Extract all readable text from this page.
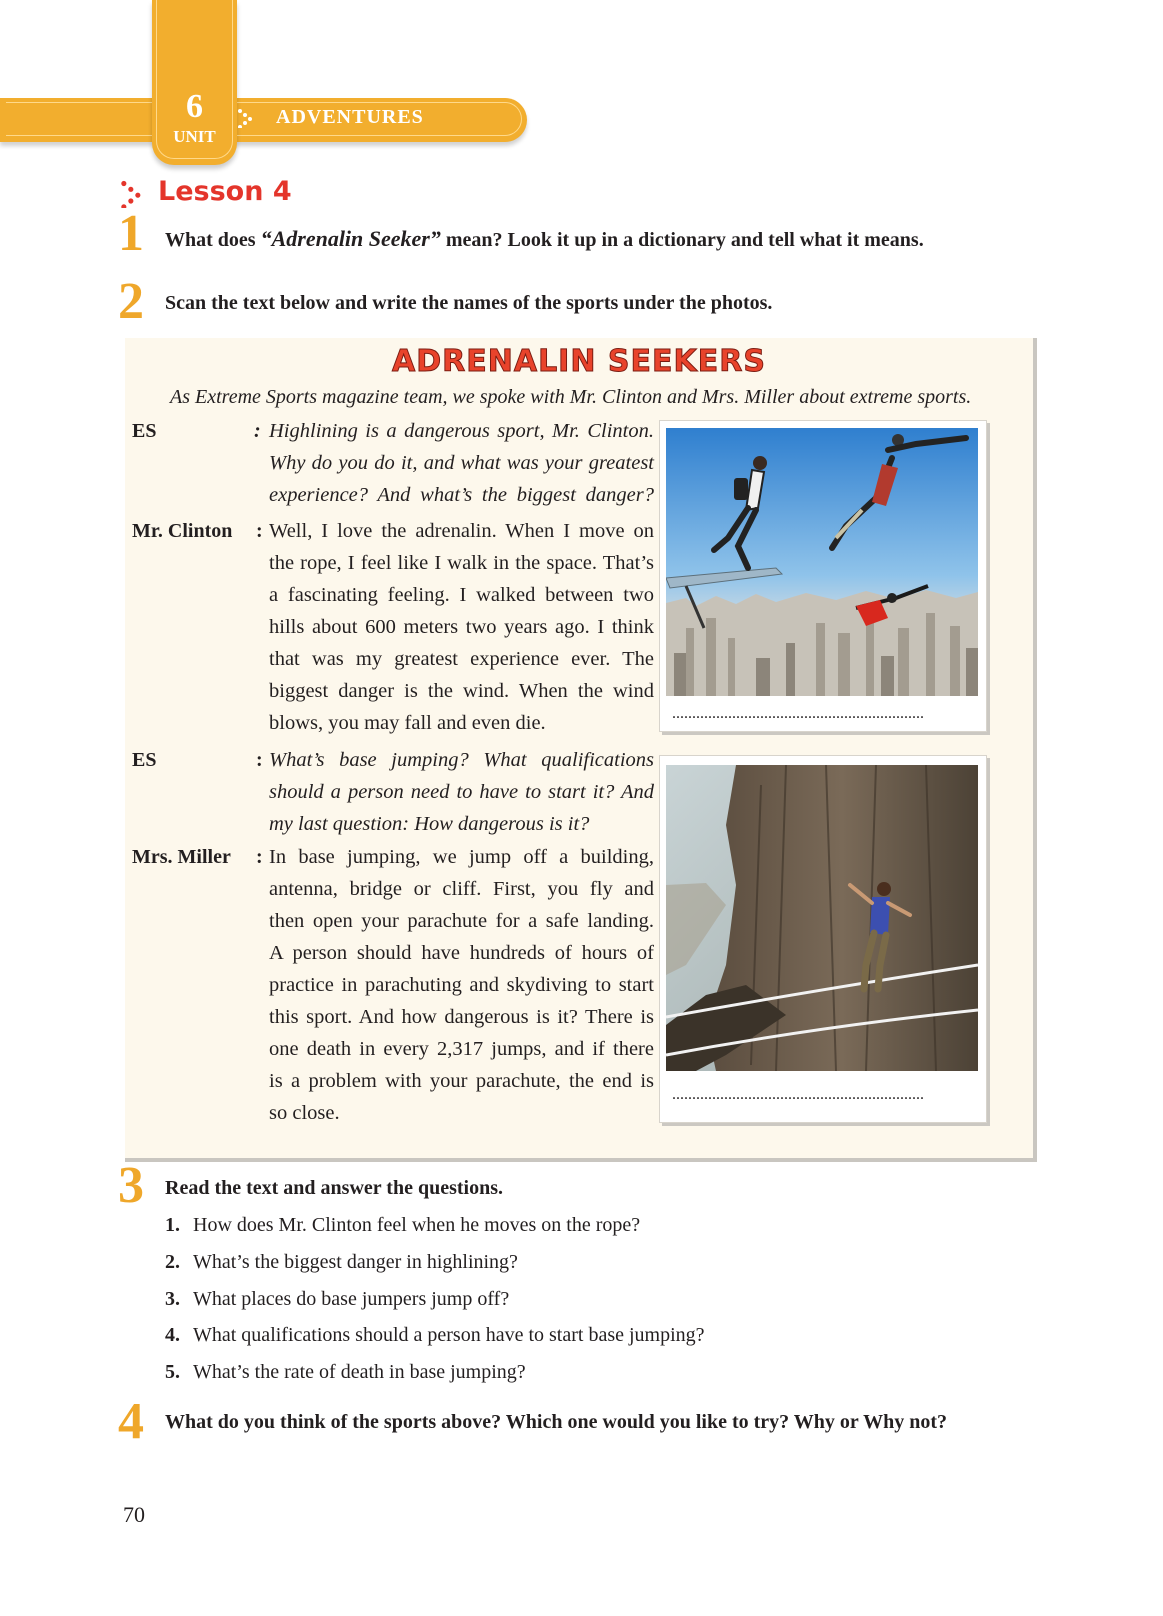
6
UNIT
ADVENTURES
Lesson 4
1 What does “Adrenalin Seeker” mean? Look it up in a dictionary and tell what it means.
2 Scan the text below and write the names of the sports under the photos.
ADRENALIN SEEKERS
As Extreme Sports magazine team, we spoke with Mr. Clinton and Mrs. Miller about extreme sports.
ES	: Highlining is a dangerous sport, Mr. Clinton.
Why do you do it, and what was your greatest
experience? And what’s the biggest danger?
Mr. Clinton : Well, I love the adrenalin. When I move on
the rope, I feel like I walk in the space. That’s
a fascinating feeling. I walked between two
hills about 600 meters two years ago. I think
that was my greatest experience ever. The
biggest danger is the wind. When the wind
blows, you may fall and even die.
ES	: What’s base jumping? What qualifications
should a person need to have to start it? And
my last question: How dangerous is it?
Mrs. Miller : In base jumping, we jump off a building,
antenna, bridge or cliff. First, you fly and
then open your parachute for a safe landing.
A person should have hundreds of hours of
practice in parachuting and skydiving to start
this sport. And how dangerous is it? There is
one death in every 2,317 jumps, and if there
is a problem with your parachute, the end is
so close.
...............................................................
...............................................................
3 Read the text and answer the questions.
1. How does Mr. Clinton feel when he moves on the rope?
2. What’s the biggest danger in highlining?
3. What places do base jumpers jump off?
4. What qualifications should a person have to start base jumping?
5. What’s the rate of death in base jumping?
4 What do you think of the sports above? Which one would you like to try? Why or Why not?
70
